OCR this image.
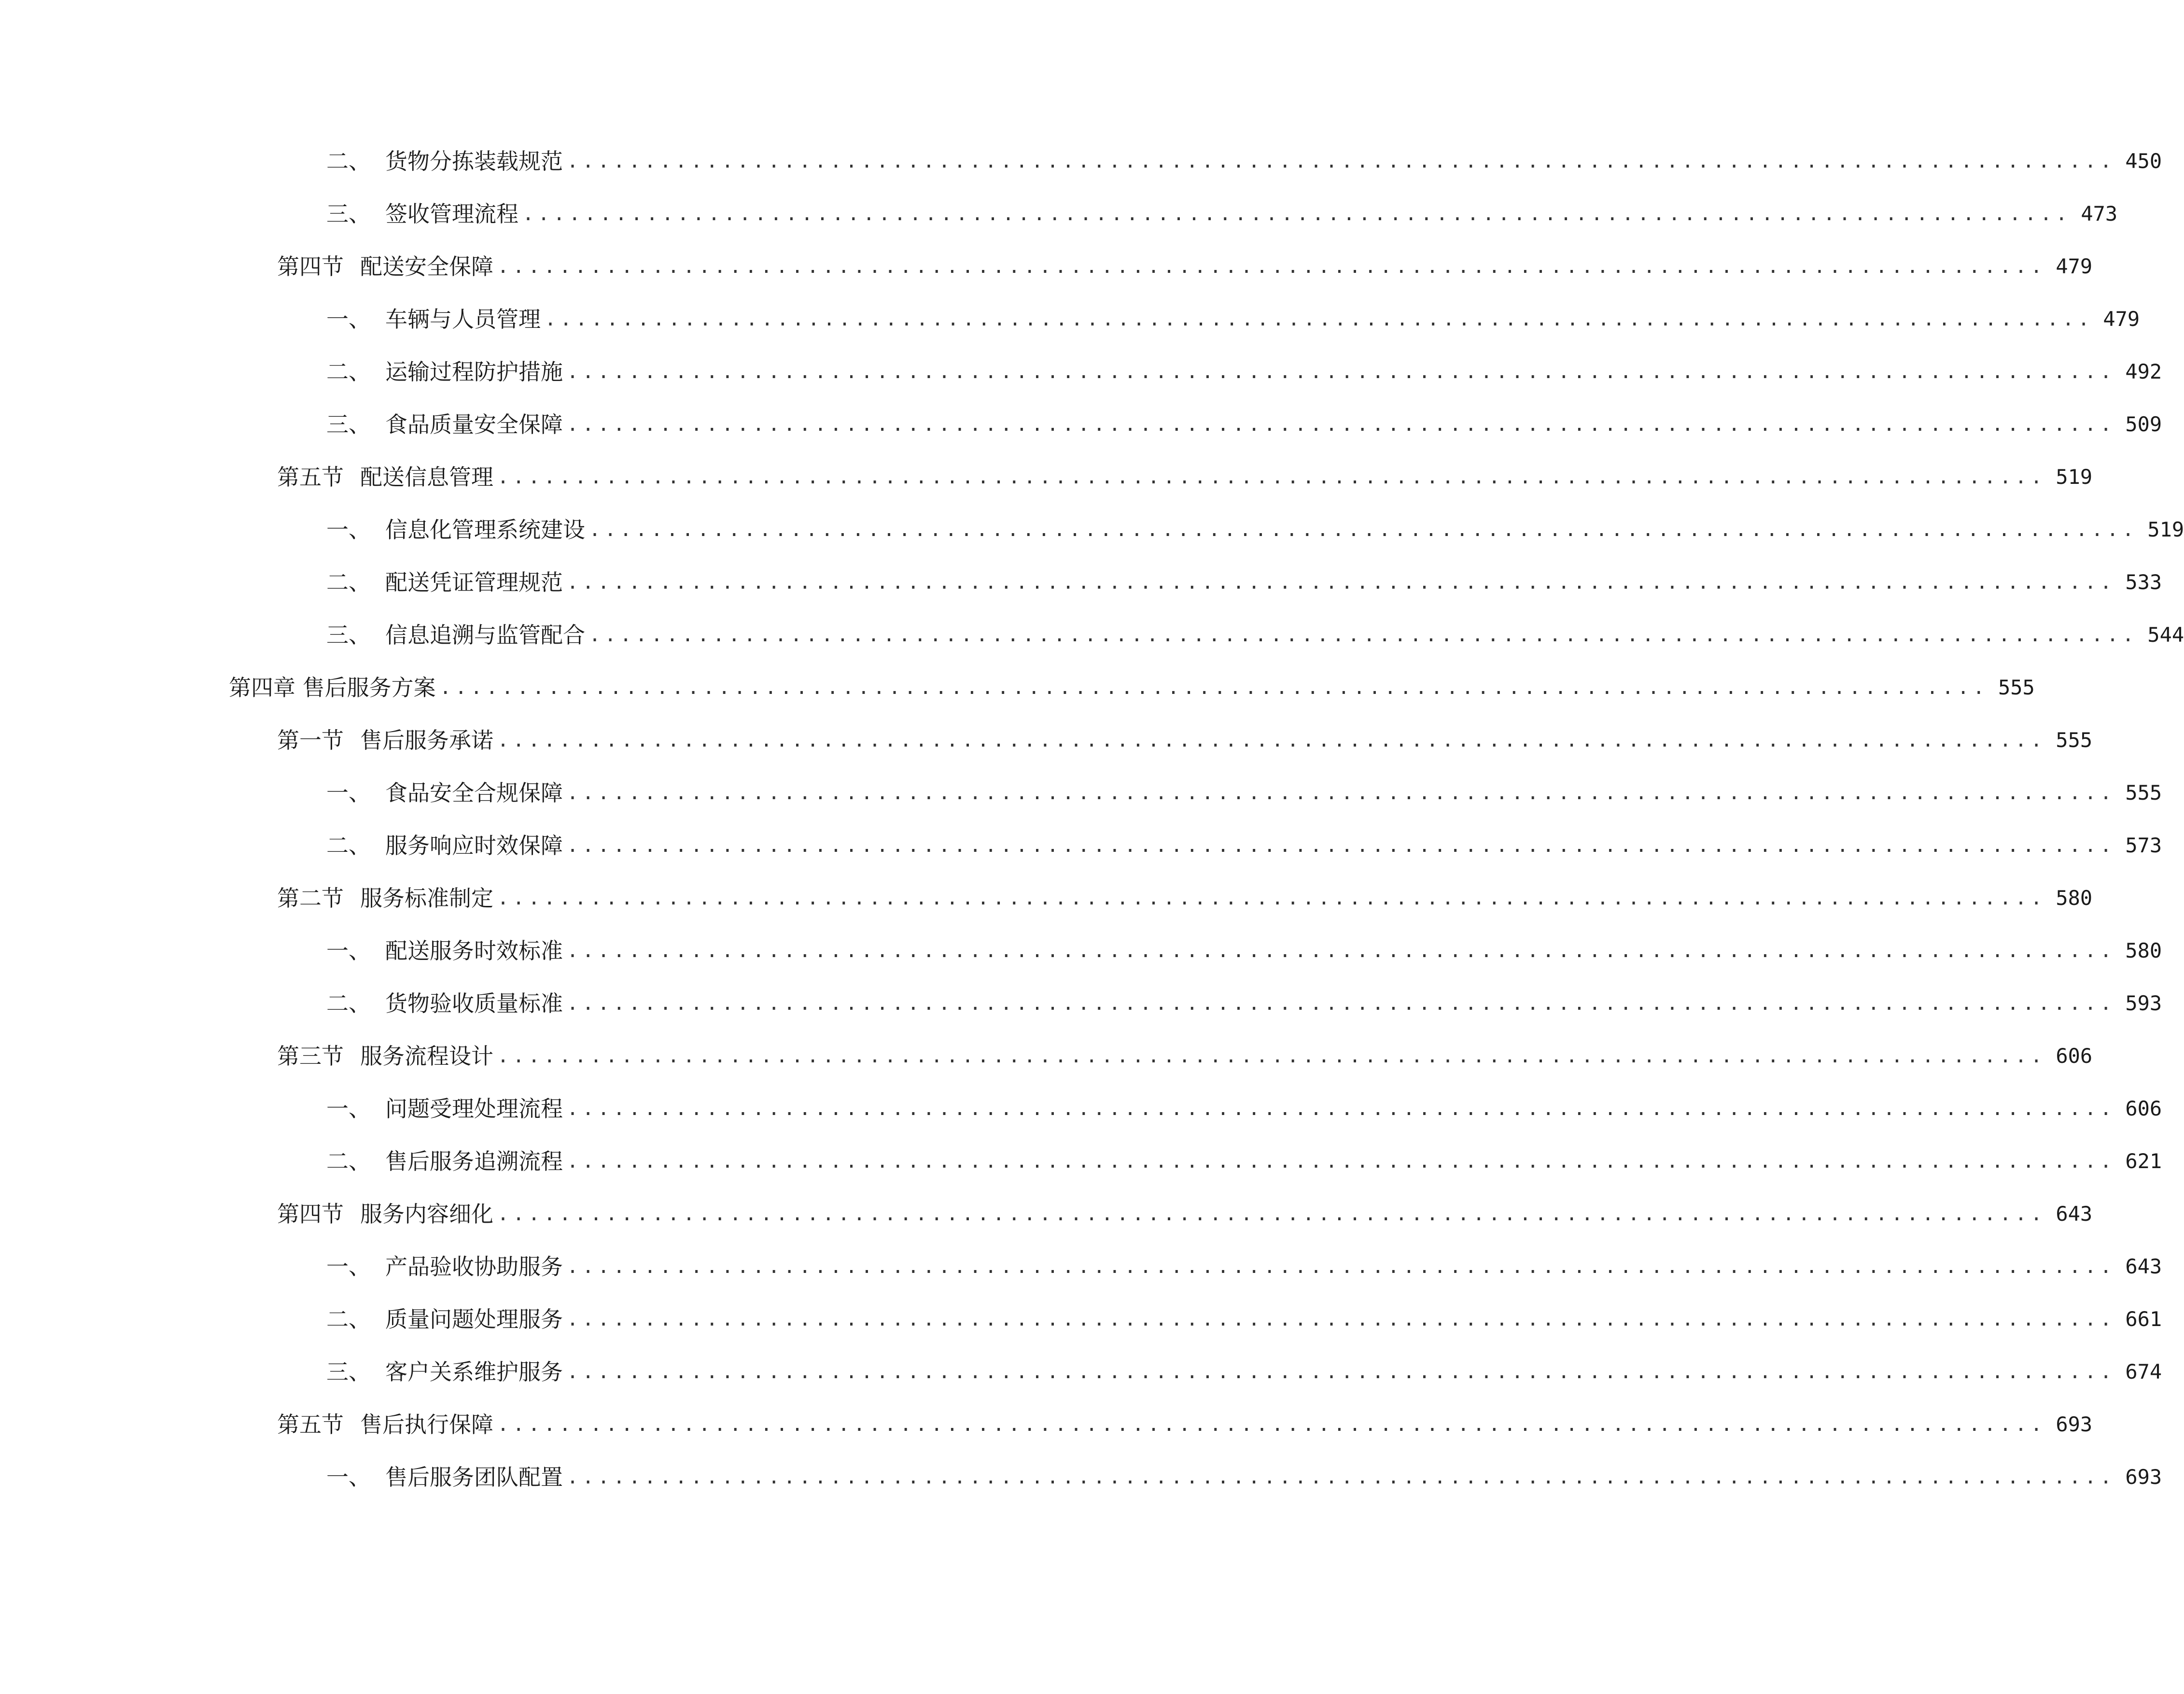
二、 货物分拣装载规范 .................................................................................................... 450
三、 签收管理流程 .................................................................................................... 473
第四节 配送安全保障 .................................................................................................... 479
一、 车辆与人员管理 .................................................................................................... 479
二、 运输过程防护措施 .................................................................................................... 492
三、 食品质量安全保障 .................................................................................................... 509
第五节 配送信息管理 .................................................................................................... 519
一、 信息化管理系统建设 .................................................................................................... 519
二、 配送凭证管理规范 .................................................................................................... 533
三、 信息追溯与监管配合 .................................................................................................... 544
第四章 售后服务方案 .................................................................................................... 555
第一节 售后服务承诺 .................................................................................................... 555
一、 食品安全合规保障 .................................................................................................... 555
二、 服务响应时效保障 .................................................................................................... 573
第二节 服务标准制定 .................................................................................................... 580
一、 配送服务时效标准 .................................................................................................... 580
二、 货物验收质量标准 .................................................................................................... 593
第三节 服务流程设计 .................................................................................................... 606
一、 问题受理处理流程 .................................................................................................... 606
二、 售后服务追溯流程 .................................................................................................... 621
第四节 服务内容细化 .................................................................................................... 643
一、 产品验收协助服务 .................................................................................................... 643
二、 质量问题处理服务 .................................................................................................... 661
三、 客户关系维护服务 .................................................................................................... 674
第五节 售后执行保障 .................................................................................................... 693
一、 售后服务团队配置 .................................................................................................... 693
